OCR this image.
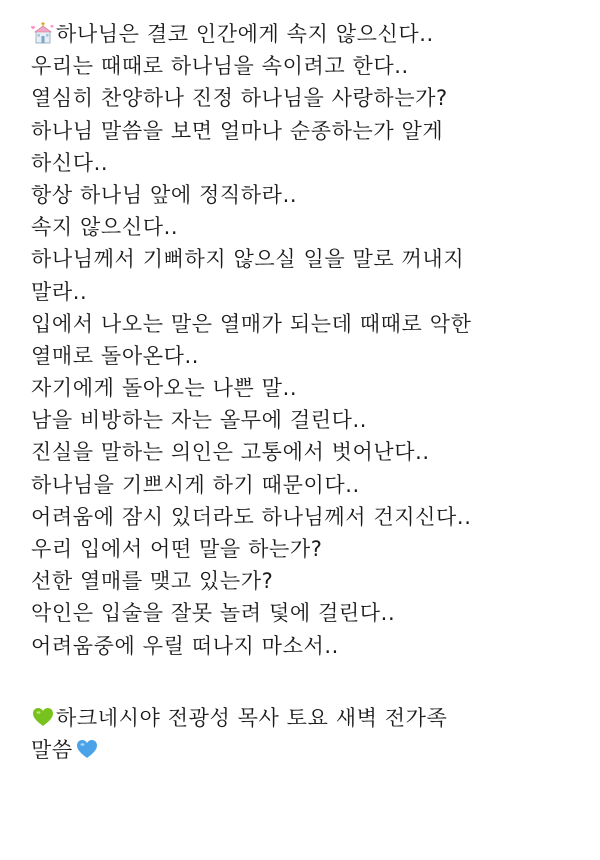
하나님은 결코 인간에게 속지 않으신다..
우리는 때때로 하나님을 속이려고 한다..
열심히 찬양하나 진정 하나님을 사랑하는가?
하나님 말씀을 보면 얼마나 순종하는가 알게
하신다..
항상 하나님 앞에 정직하라..
속지 않으신다..
하나님께서 기뻐하지 않으실 일을 말로 꺼내지
말라..
입에서 나오는 말은 열매가 되는데 때때로 악한
열매로 돌아온다..
자기에게 돌아오는 나쁜 말..
남을 비방하는 자는 올무에 걸린다..
진실을 말하는 의인은 고통에서 벗어난다..
하나님을 기쁘시게 하기 때문이다..
어려움에 잠시 있더라도 하나님께서 건지신다..
우리 입에서 어떤 말을 하는가?
선한 열매를 맺고 있는가?
악인은 입술을 잘못 놀려 덫에 걸린다..
어려움중에 우릴 떠나지 마소서..
하크네시야 전광성 목사 토요 새벽 전가족
말씀
